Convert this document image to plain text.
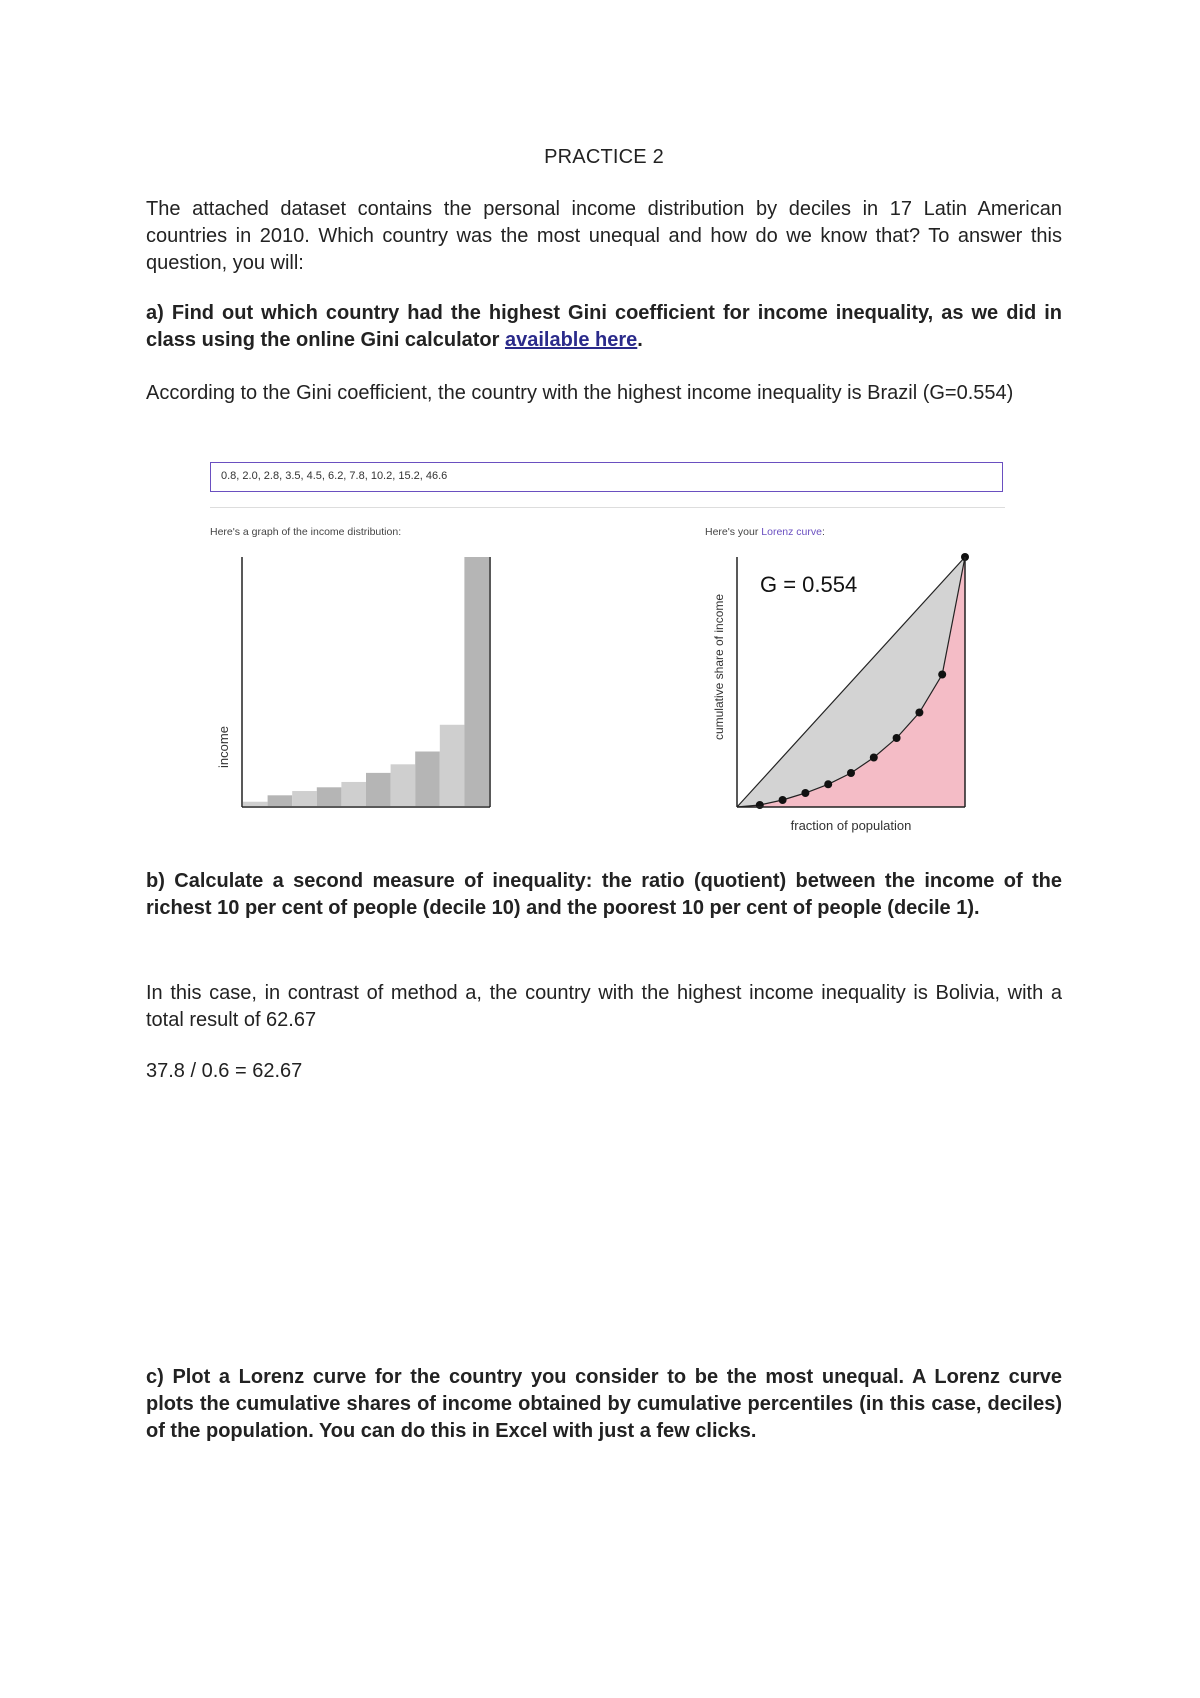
PRACTICE 2

The attached dataset contains the personal income distribution by deciles in 17 Latin American countries in 2010. Which country was the most unequal and how do we know that? To answer this question, you will:

a) Find out which country had the highest Gini coefficient for income inequality, as we did in class using the online Gini calculator available here.

According to the Gini coefficient, the country with the highest income inequality is Brazil (G=0.554)

b) Calculate a second measure of inequality: the ratio (quotient) between the income of the richest 10 per cent of people (decile 10) and the poorest 10 per cent of people (decile 1).

In this case, in contrast of method a, the country with the highest income inequality is Bolivia, with a total result of 62.67

37.8 / 0.6 = 62.67

c) Plot a Lorenz curve for the country you consider to be the most unequal. A Lorenz curve plots the cumulative shares of income obtained by cumulative percentiles (in this case, deciles) of the population. You can do this in Excel with just a few clicks.

0.8, 2.0, 2.8, 3.5, 4.5, 6.2, 7.8, 10.2, 15.2, 46.6
Here's a graph of the income distribution:	Here's your Lorenz curve:
income
G = 0.554
cumulative share of income
fraction of population
